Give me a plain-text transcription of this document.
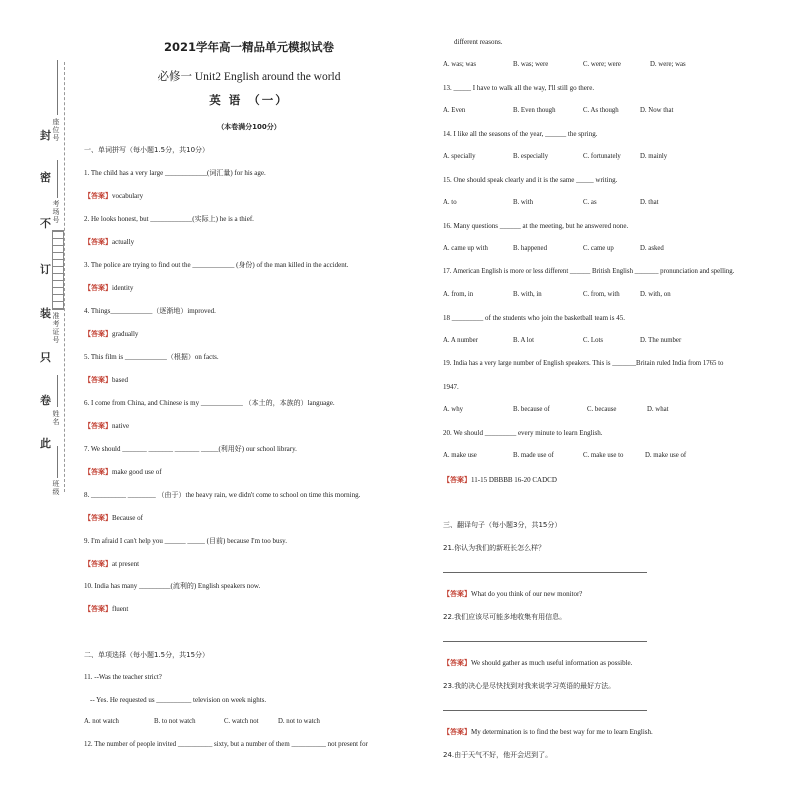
封
密
不
订
装
只
卷
此
座位号
考场号
准考证号
姓名
班级
2021学年高一精品单元模拟试卷
必修一 Unit2 English around the world
英 语 （一）
（本卷满分100分）
一、单词拼写（每小题1.5分，共10分）
1. The child has a very large ____________(词汇量) for his age.
【答案】vocabulary
2. He looks honest, but ____________(实际上) he is a thief.
【答案】actually
3. The police are trying to find out the ____________ (身份) of the man killed in the accident.
【答案】identity
4. Things____________（逐渐地）improved.
【答案】gradually
5. This film is ____________（根据）on facts.
【答案】based
6. I come from China, and Chinese is my ____________ （本土的，本族的）language.
【答案】native
7. We should _______ _______ _______ _____(利用好) our school library.
【答案】make good use of
8. __________ ________ （由于）the heavy rain, we didn't come to school on time this morning.
【答案】Because of
9. I'm afraid I can't help you ______ _____ (目前) because I'm too busy.
【答案】at present
10. India has many _________(流利的) English speakers now.
【答案】fluent
二、单项选择（每小题1.5分，共15分）
11. --Was the teacher strict?
-- Yes. He requested us __________ television on week nights.
A. not watch	B. to not watch	C. watch not	D. not to watch
12. The number of people invited __________ sixty, but a number of them __________ not present for
different reasons.
A. was; was	B. was; were	C. were; were	D. were; was
13. _____ I have to walk all the way, I'll still go there.
A. Even	B. Even though	C. As though	D. Now that
14. I like all the seasons of the year, ______ the spring.
A. specially	B. especially	C. fortunately	D. mainly
15. One should speak clearly and it is the same _____ writing.
A. to	B. with	C. as	D. that
16. Many questions ______ at the meeting, but he answered none.
A. came up with	B. happened	C. came up	D. asked
17. American English is more or less different ______ British English _______ pronunciation and spelling.
A. from, in	B. with, in	C. from, with	D. with, on
18 _________ of the students who join the basketball team is 45.
A. A number	B. A lot	C. Lots	D. The number
19. India has a very large number of English speakers. This is _______Britain ruled India from 1765 to
1947.
A. why	B. because of	C. because	D. what
20. We should _________ every minute to learn English.
A. make use	B. made use of	C. make use to	D. make use of
【答案】11-15 DBBBB 16-20 CADCD
三、翻译句子（每小题3分，共15分）
21.你认为我们的新班长怎么样？
【答案】What do you think of our new monitor?
22.我们应该尽可能多地收集有用信息。
【答案】We should gather as much useful information as possible.
23.我的决心是尽快找到对我来说学习英语的最好方法。
【答案】My determination is to find the best way for me to learn English.
24.由于天气不好，他开会迟到了。
